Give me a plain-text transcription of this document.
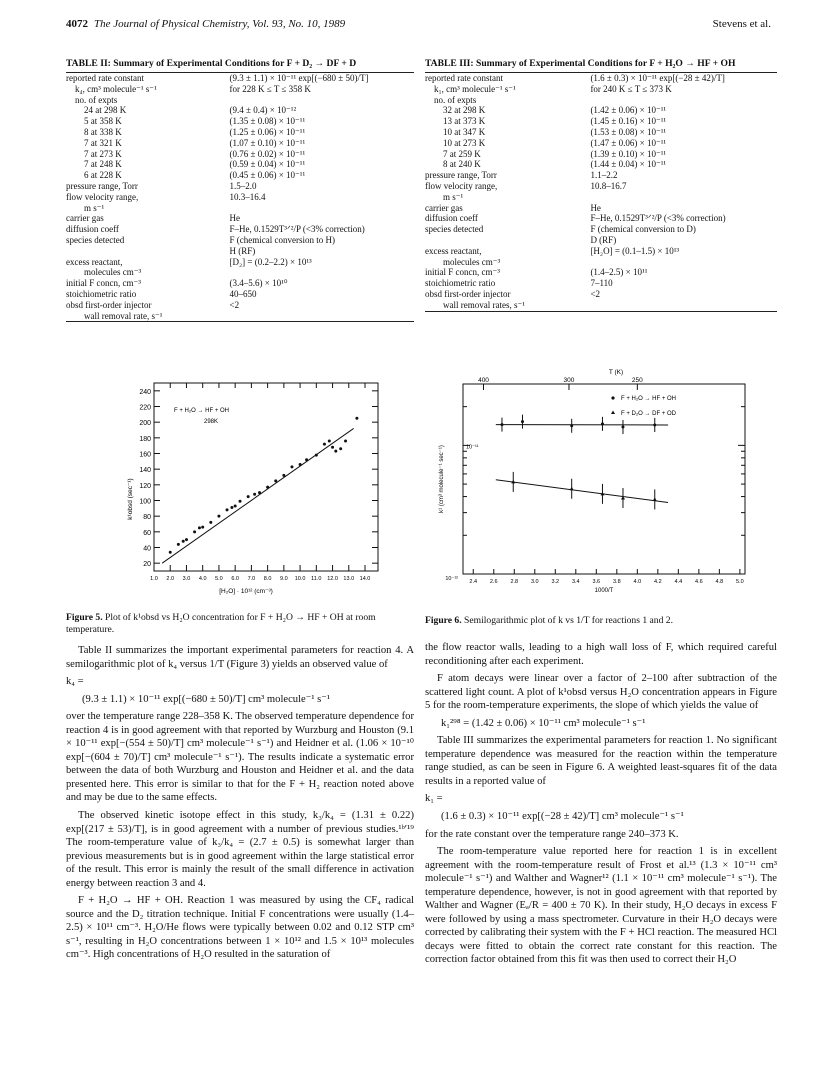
4072 The Journal of Physical Chemistry, Vol. 93, No. 10, 1989	Stevens et al.
TABLE II: Summary of Experimental Conditions for F + D₂ → DF + D
reported rate constant	(9.3 ± 1.1) × 10⁻¹¹ exp[(−680 ± 50)/T]
k₄, cm³ molecule⁻¹ s⁻¹	for 228 K ≤ T ≤ 358 K
no. of expts	
24 at 298 K	(9.4 ± 0.4) × 10⁻¹²
5 at 358 K	(1.35 ± 0.08) × 10⁻¹¹
8 at 338 K	(1.25 ± 0.06) × 10⁻¹¹
7 at 321 K	(1.07 ± 0.10) × 10⁻¹¹
7 at 273 K	(0.76 ± 0.02) × 10⁻¹¹
7 at 248 K	(0.59 ± 0.04) × 10⁻¹¹
6 at 228 K	(0.45 ± 0.06) × 10⁻¹¹
pressure range, Torr	1.5–2.0
flow velocity range,	10.3–16.4
m s⁻¹	
carrier gas	He
diffusion coeff	F–He, 0.1529T³ᐟ²/P (<3% correction)
species detected	F (chemical conversion to H)
	H (RF)
excess reactant,	[D₂] = (0.2–2.2) × 10¹³
molecules cm⁻³	
initial F concn, cm⁻³	(3.4–5.6) × 10¹⁰
stoichiometric ratio	40–650
obsd first-order injector	<2
wall removal rate, s⁻¹	
TABLE III: Summary of Experimental Conditions for F + H₂O → HF + OH
reported rate constant	(1.6 ± 0.3) × 10⁻¹¹ exp[(−28 ± 42)/T]
k₁, cm³ molecule⁻¹ s⁻¹	for 240 K ≤ T ≤ 373 K
no. of expts	
32 at 298 K	(1.42 ± 0.06) × 10⁻¹¹
13 at 373 K	(1.45 ± 0.16) × 10⁻¹¹
10 at 347 K	(1.53 ± 0.08) × 10⁻¹¹
10 at 273 K	(1.47 ± 0.06) × 10⁻¹¹
7 at 259 K	(1.39 ± 0.10) × 10⁻¹¹
8 at 240 K	(1.44 ± 0.04) × 10⁻¹¹
pressure range, Torr	1.1–2.2
flow velocity range,	10.8–16.7
m s⁻¹	
carrier gas	He
diffusion coeff	F–He, 0.1529T³ᐟ²/P (<3% correction)
species detected	F (chemical conversion to D)
	D (RF)
excess reactant,	[H₂O] = (0.1–1.5) × 10¹³
molecules cm⁻³	
initial F concn, cm⁻³	(1.4–2.5) × 10¹¹
stoichiometric ratio	7–110
obsd first-order injector	<2
wall removal rates, s⁻¹	
20
40
60
80
100
120
140
160
180
200
220
240
1.0 2.0 3.0 4.0 5.0 6.0 7.0 8.0 9.0 10.0 11.0 12.0 13.0 14.0
[H₂O] · 10¹² (cm⁻³)
k¹obsd (sec⁻¹)
F + H₂O → HF + OH
298K
Figure 5. Plot of k¹obsd vs H₂O concentration for F + H₂O → HF + OH at room temperature.
T (K)
400	300	250
2.4 2.6 2.8 3.0 3.2 3.4 3.6 3.8 4.0 4.2 4.4 4.6 4.8 5.0
1000/T
10⁻¹¹
10⁻¹²
k¹ (cm³ molecule⁻¹ sec⁻¹)
F + H₂O → HF + OH
F + D₂O → DF + OD
Figure 6. Semilogarithmic plot of k vs 1/T for reactions 1 and 2.

Table II summarizes the important experimental parameters for reaction 4. A semilogarithmic plot of k₄ versus 1/T (Figure 3) yields an observed value of

k₄ =

(9.3 ± 1.1) × 10⁻¹¹ exp[(−680 ± 50)/T] cm³ molecule⁻¹ s⁻¹

over the temperature range 228–358 K. The observed temperature dependence for reaction 4 is in good agreement with that reported by Wurzburg and Houston (9.1 × 10⁻¹¹ exp[−(554 ± 50)/T] cm³ molecule⁻¹ s⁻¹) and Heidner et al. (1.06 × 10⁻¹⁰ exp[−(604 ± 70)/T] cm³ molecule⁻¹ s⁻¹). The results indicate a systematic error between the data of both Wurzburg and Houston and Heidner et al. and the data presented here. This error is similar to that for the F + H₂ reaction noted above and may be due to the same effects.

The observed kinetic isotope effect in this study, k₃/k₄ = (1.31 ± 0.22) exp[(217 ± 53)/T], is in good agreement with a number of previous studies.¹ᵇʹ¹⁹ The room-temperature value of k₃/k₄ = (2.7 ± 0.5) is somewhat larger than previous measurements but is in good agreement within the large statistical error of the result. This error is mainly the result of the small difference in activation energy between reaction 3 and 4.

F + H₂O → HF + OH. Reaction 1 was measured by using the CF₄ radical source and the D₂ titration technique. Initial F concentrations were usually (1.4–2.5) × 10¹¹ cm⁻³. H₂O/He flows were typically between 0.02 and 0.12 STP cm³ s⁻¹, resulting in H₂O concentrations between 1 × 10¹² and 1.5 × 10¹³ molecules cm⁻³. High concentrations of H₂O resulted in the saturation of

the flow reactor walls, leading to a high wall loss of F, which required careful reconditioning after each experiment.

F atom decays were linear over a factor of 2–100 after subtraction of the scattered light count. A plot of k¹obsd versus H₂O concentration appears in Figure 5 for the room-temperature experiments, the slope of which yields the value of

k₁²⁹⁸ = (1.42 ± 0.06) × 10⁻¹¹ cm³ molecule⁻¹ s⁻¹

Table III summarizes the experimental parameters for reaction 1. No significant temperature dependence was measured for the reaction within the temperature range studied, as can be seen in Figure 6. A weighted least-squares fit of the data results in a reported value of

k₁ =

(1.6 ± 0.3) × 10⁻¹¹ exp[(−28 ± 42)/T] cm³ molecule⁻¹ s⁻¹

for the rate constant over the temperature range 240–373 K.

The room-temperature value reported here for reaction 1 is in excellent agreement with the room-temperature result of Frost et al.¹³ (1.3 × 10⁻¹¹ cm³ molecule⁻¹ s⁻¹) and Walther and Wagner¹² (1.1 × 10⁻¹¹ cm³ molecule⁻¹ s⁻¹). The temperature dependence, however, is not in good agreement with that reported by Walther and Wagner (Eₐ/R = 400 ± 70 K). In their study, H₂O decays in excess F were followed by using a mass spectrometer. Curvature in their H₂O decays were corrected by calibrating their system with the F + HCl reaction. The measured HCl decays were fitted to obtain the correct rate constant for this reaction. The correction factor obtained from this fit was then used to correct their H₂O
